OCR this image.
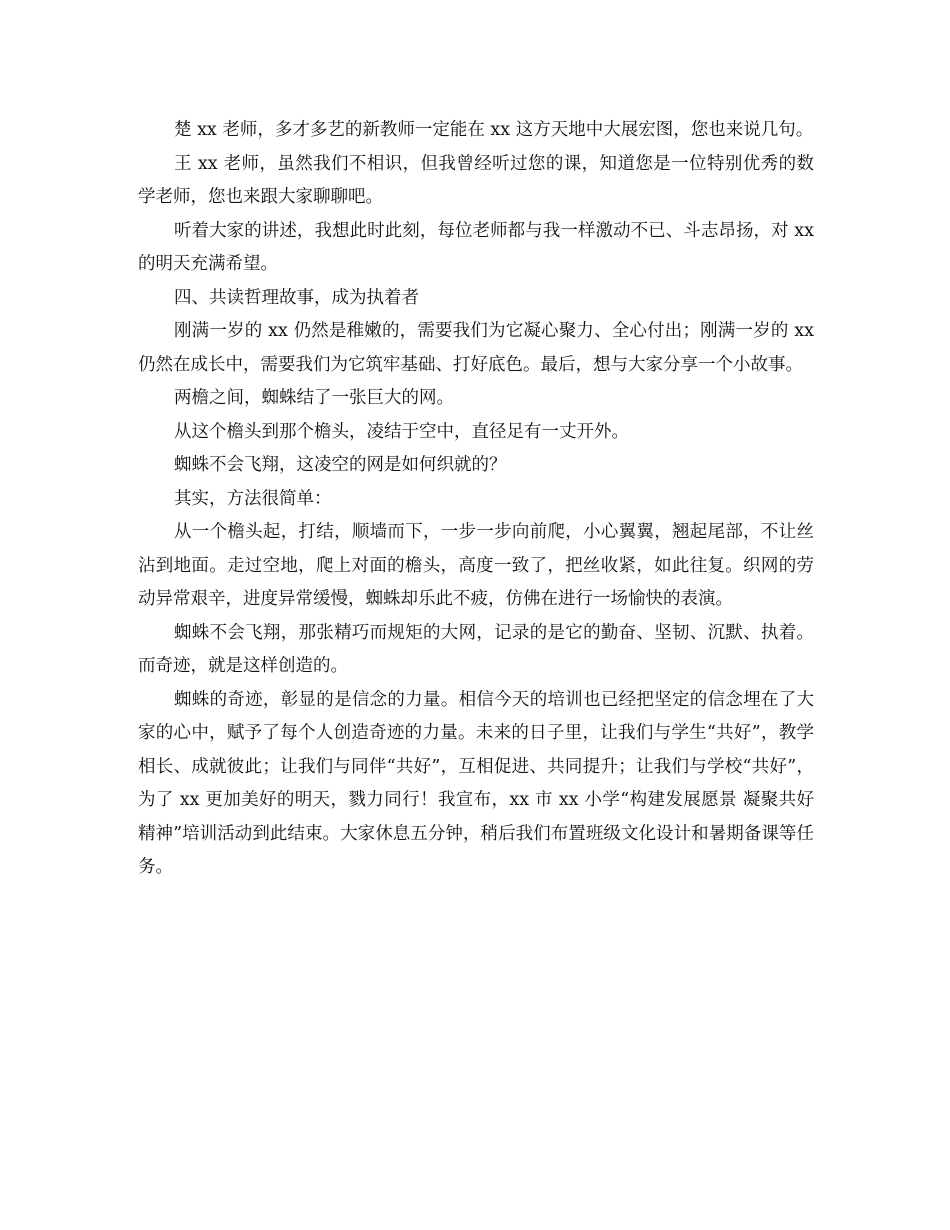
楚 xx 老师，多才多艺的新教师一定能在 xx 这方天地中大展宏图，您也来说几句。

王 xx 老师，虽然我们不相识，但我曾经听过您的课，知道您是一位特别优秀的数学老师，您也来跟大家聊聊吧。

听着大家的讲述，我想此时此刻，每位老师都与我一样激动不已、斗志昂扬，对 xx 的明天充满希望。

四、共读哲理故事，成为执着者

刚满一岁的 xx 仍然是稚嫩的，需要我们为它凝心聚力、全心付出；刚满一岁的 xx 仍然在成长中，需要我们为它筑牢基础、打好底色。最后，想与大家分享一个小故事。

两檐之间，蜘蛛结了一张巨大的网。

从这个檐头到那个檐头，凌结于空中，直径足有一丈开外。

蜘蛛不会飞翔，这凌空的网是如何织就的？

其实，方法很简单：

从一个檐头起，打结，顺墙而下，一步一步向前爬，小心翼翼，翘起尾部，不让丝沾到地面。走过空地，爬上对面的檐头，高度一致了，把丝收紧，如此往复。织网的劳动异常艰辛，进度异常缓慢，蜘蛛却乐此不疲，仿佛在进行一场愉快的表演。

蜘蛛不会飞翔，那张精巧而规矩的大网，记录的是它的勤奋、坚韧、沉默、执着。而奇迹，就是这样创造的。

蜘蛛的奇迹，彰显的是信念的力量。相信今天的培训也已经把坚定的信念埋在了大家的心中，赋予了每个人创造奇迹的力量。未来的日子里，让我们与学生“共好”，教学相长、成就彼此；让我们与同伴“共好”，互相促进、共同提升；让我们与学校“共好”，为了 xx 更加美好的明天，戮力同行！我宣布，xx 市 xx 小学“构建发展愿景 凝聚共好精神”培训活动到此结束。大家休息五分钟，稍后我们布置班级文化设计和暑期备课等任务。
